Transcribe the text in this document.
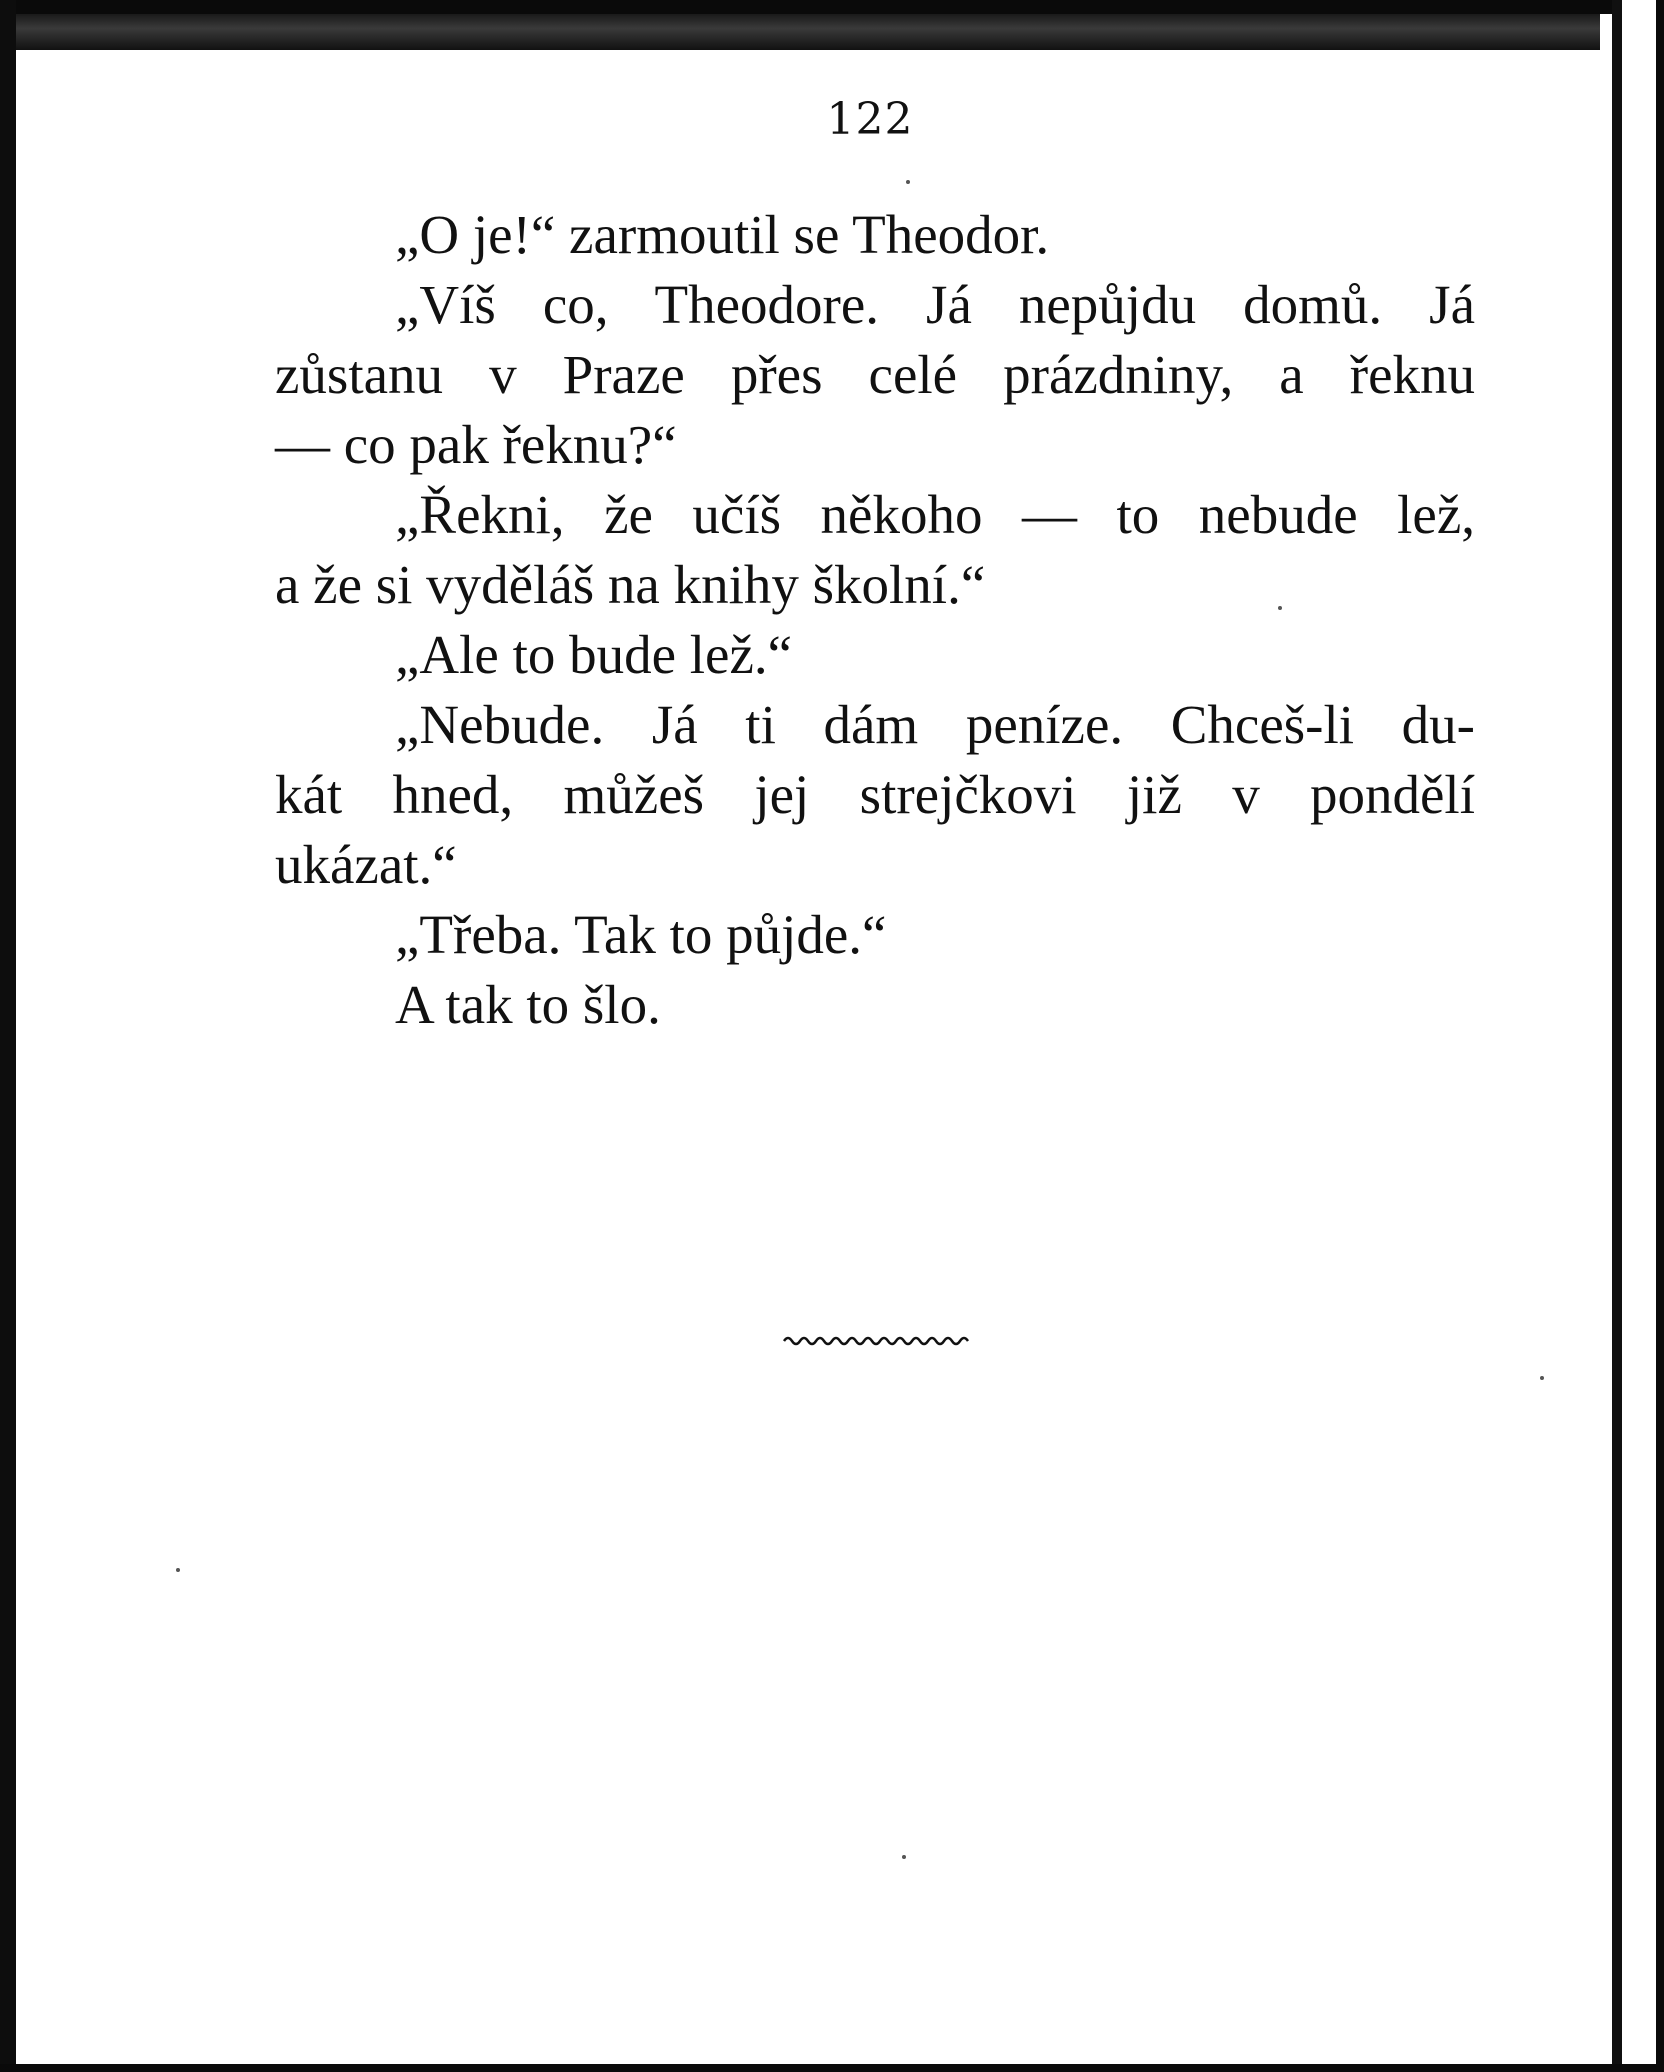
122
„O je!“ zarmoutil se Theodor.
„Víš co, Theodore. Já nepůjdu domů. Já
zůstanu v Praze přes celé prázdniny, a řeknu
— co pak řeknu?“
„Řekni, že učíš někoho — to nebude lež,
a že si vyděláš na knihy školní.“
„Ale to bude lež.“
„Nebude. Já ti dám peníze. Chceš-li du-
kát hned, můžeš jej strejčkovi již v pondělí
ukázat.“
„Třeba. Tak to půjde.“
A tak to šlo.
